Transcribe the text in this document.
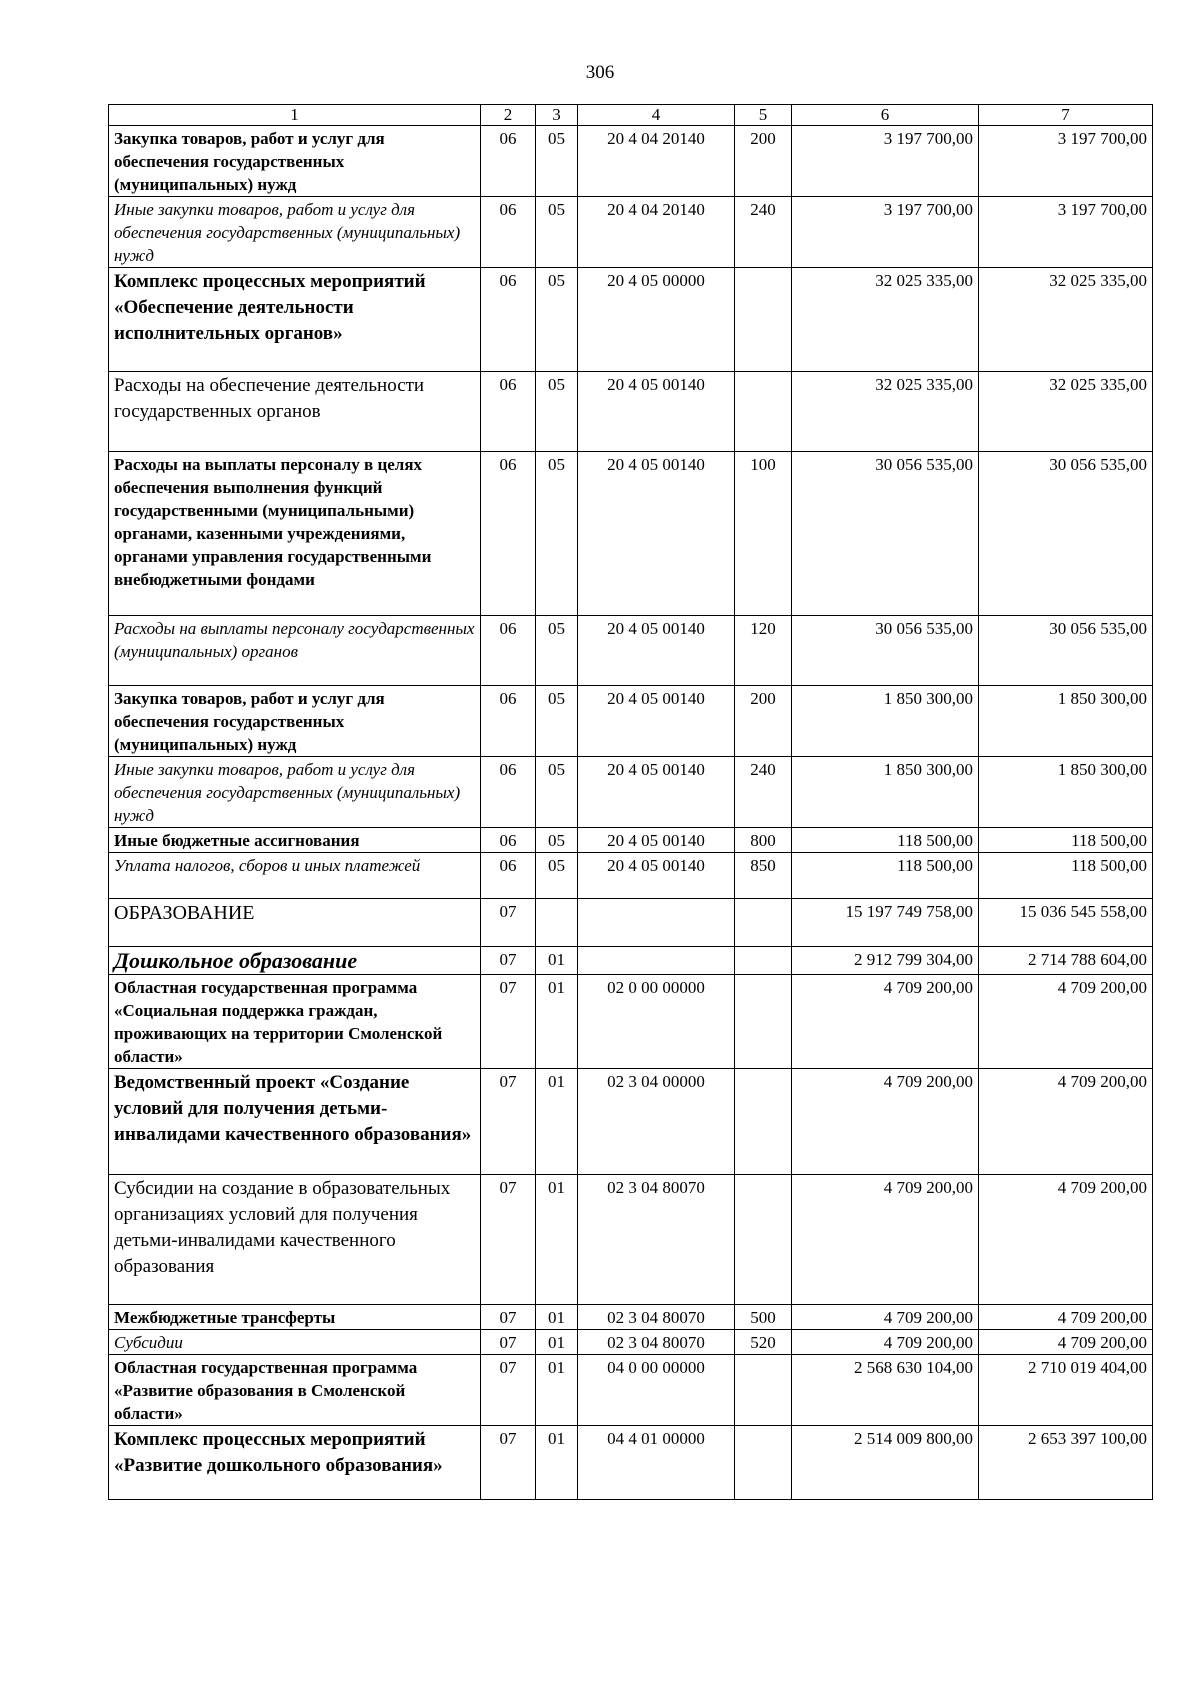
306
1	2	3	4	5	6	7
Закупка товаров, работ и услуг для обеспечения государственных (муниципальных) нужд	06	05	20 4 04 20140	200	3 197 700,00	3 197 700,00
Иные закупки товаров, работ и услуг для обеспечения государственных (муниципальных) нужд	06	05	20 4 04 20140	240	3 197 700,00	3 197 700,00
Комплекс процессных мероприятий «Обеспечение деятельности исполнительных органов»	06	05	20 4 05 00000		32 025 335,00	32 025 335,00
Расходы на обеспечение деятельности государственных органов	06	05	20 4 05 00140		32 025 335,00	32 025 335,00
Расходы на выплаты персоналу в целях обеспечения выполнения функций государственными (муниципальными) органами, казенными учреждениями, органами управления государственными внебюджетными фондами	06	05	20 4 05 00140	100	30 056 535,00	30 056 535,00
Расходы на выплаты персоналу государственных (муниципальных) органов	06	05	20 4 05 00140	120	30 056 535,00	30 056 535,00
Закупка товаров, работ и услуг для обеспечения государственных (муниципальных) нужд	06	05	20 4 05 00140	200	1 850 300,00	1 850 300,00
Иные закупки товаров, работ и услуг для обеспечения государственных (муниципальных) нужд	06	05	20 4 05 00140	240	1 850 300,00	1 850 300,00
Иные бюджетные ассигнования	06	05	20 4 05 00140	800	118 500,00	118 500,00
Уплата налогов, сборов и иных платежей	06	05	20 4 05 00140	850	118 500,00	118 500,00
ОБРАЗОВАНИЕ	07				15 197 749 758,00	15 036 545 558,00
Дошкольное образование	07	01			2 912 799 304,00	2 714 788 604,00
Областная государственная программа «Социальная поддержка граждан, проживающих на территории Смоленской области»	07	01	02 0 00 00000		4 709 200,00	4 709 200,00
Ведомственный проект «Создание условий для получения детьми-инвалидами качественного образования»	07	01	02 3 04 00000		4 709 200,00	4 709 200,00
Субсидии на создание в образовательных организациях условий для получения детьми-инвалидами качественного образования	07	01	02 3 04 80070		4 709 200,00	4 709 200,00
Межбюджетные трансферты	07	01	02 3 04 80070	500	4 709 200,00	4 709 200,00
Субсидии	07	01	02 3 04 80070	520	4 709 200,00	4 709 200,00
Областная государственная программа «Развитие образования в Смоленской области»	07	01	04 0 00 00000		2 568 630 104,00	2 710 019 404,00
Комплекс процессных мероприятий «Развитие дошкольного образования»	07	01	04 4 01 00000		2 514 009 800,00	2 653 397 100,00
